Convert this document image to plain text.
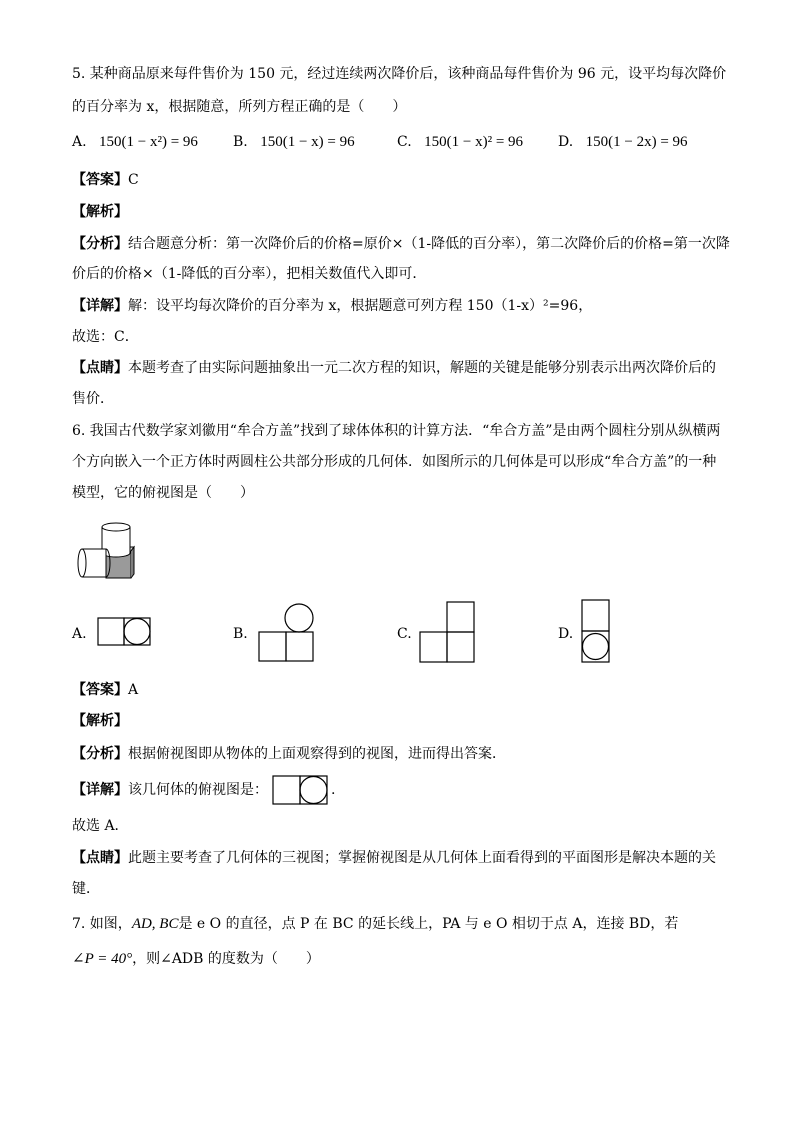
5. 某种商品原来每件售价为 150 元，经过连续两次降价后，该种商品每件售价为 96 元，设平均每次降价
的百分率为 x，根据随意，所列方程正确的是（　　）
A. 150(1 − x²) = 96	B. 150(1 − x) = 96	C. 150(1 − x)² = 96 D. 150(1 − 2x) = 96
【答案】C
【解析】
【分析】结合题意分析：第一次降价后的价格=原价×（1-降低的百分率），第二次降价后的价格=第一次降
价后的价格×（1-降低的百分率），把相关数值代入即可．
【详解】解：设平均每次降价的百分率为 x，根据题意可列方程 150（1-x）²=96，
故选：C．
【点睛】本题考查了由实际问题抽象出一元二次方程的知识，解题的关键是能够分别表示出两次降价后的
售价．
6. 我国古代数学家刘徽用“牟合方盖”找到了球体体积的计算方法．“牟合方盖”是由两个圆柱分别从纵横两
个方向嵌入一个正方体时两圆柱公共部分形成的几何体．如图所示的几何体是可以形成“牟合方盖”的一种
模型，它的俯视图是（　　）
A.	B.	C.	D.
【答案】A
【解析】
【分析】根据俯视图即从物体的上面观察得到的视图，进而得出答案．
【详解】该几何体的俯视图是：	.
故选 A．
【点睛】此题主要考查了几何体的三视图；掌握俯视图是从几何体上面看得到的平面图形是解决本题的关
键．
7. 如图，AD, BC是 e O 的直径，点 P 在 BC 的延长线上，PA 与 e O 相切于点 A，连接 BD，若
∠P = 40°，则∠ADB 的度数为（　　）
